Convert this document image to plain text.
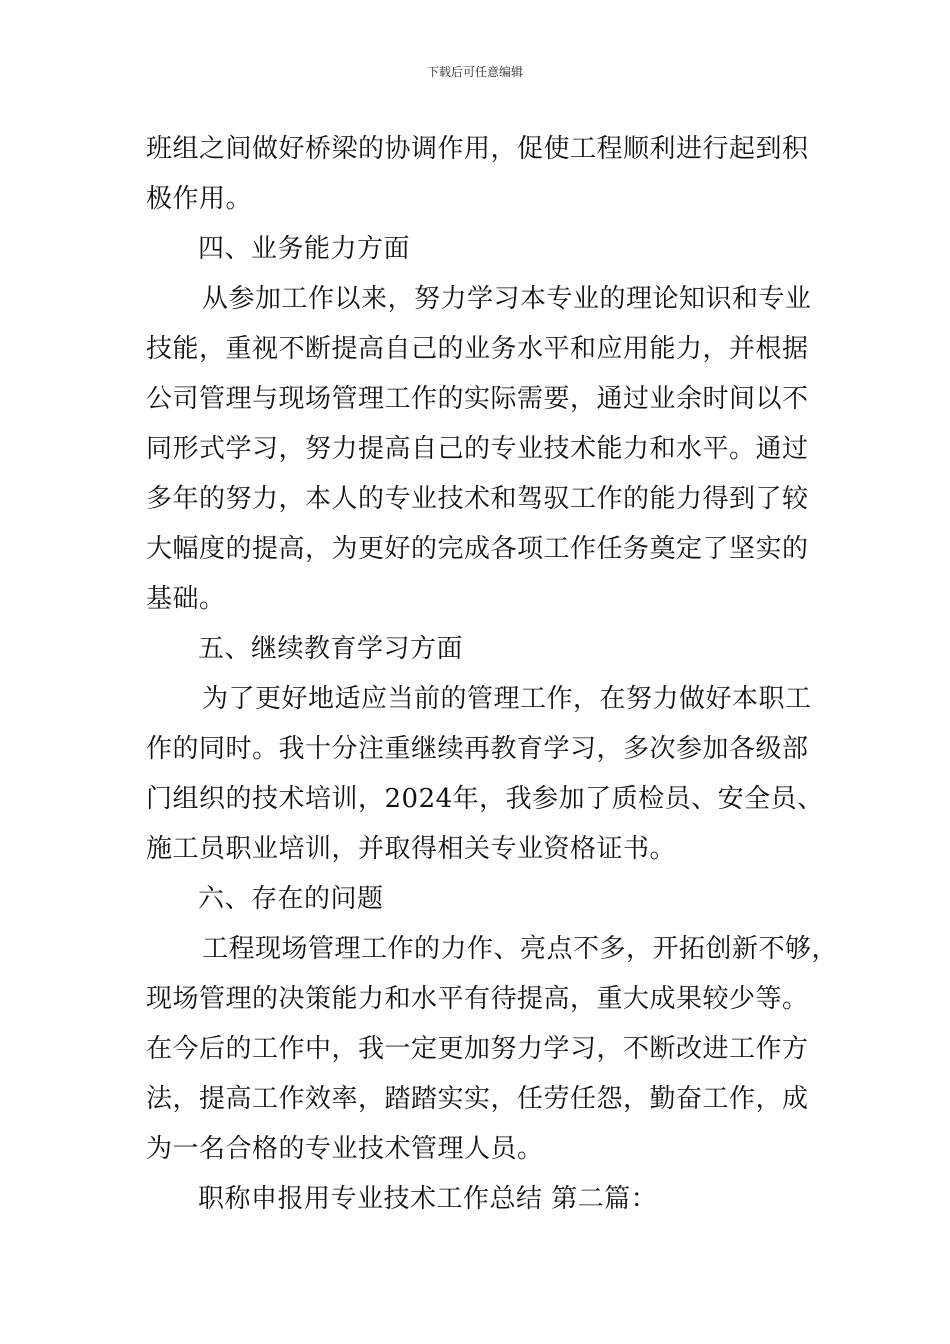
下载后可任意编辑
班组之间做好桥梁的协调作用，促使工程顺利进行起到积
极作用。
四、业务能力方面
从参加工作以来，努力学习本专业的理论知识和专业
技能，重视不断提高自己的业务水平和应用能力，并根据
公司管理与现场管理工作的实际需要，通过业余时间以不
同形式学习，努力提高自己的专业技术能力和水平。通过
多年的努力，本人的专业技术和驾驭工作的能力得到了较
大幅度的提高，为更好的完成各项工作任务奠定了坚实的
基础。
五、继续教育学习方面
为了更好地适应当前的管理工作，在努力做好本职工
作的同时。我十分注重继续再教育学习，多次参加各级部
门组织的技术培训，2024年，我参加了质检员、安全员、
施工员职业培训，并取得相关专业资格证书。
六、存在的问题
工程现场管理工作的力作、亮点不多，开拓创新不够，
现场管理的决策能力和水平有待提高，重大成果较少等。
在今后的工作中，我一定更加努力学习，不断改进工作方
法，提高工作效率，踏踏实实，任劳任怨，勤奋工作，成
为一名合格的专业技术管理人员。
职称申报用专业技术工作总结 第二篇：
